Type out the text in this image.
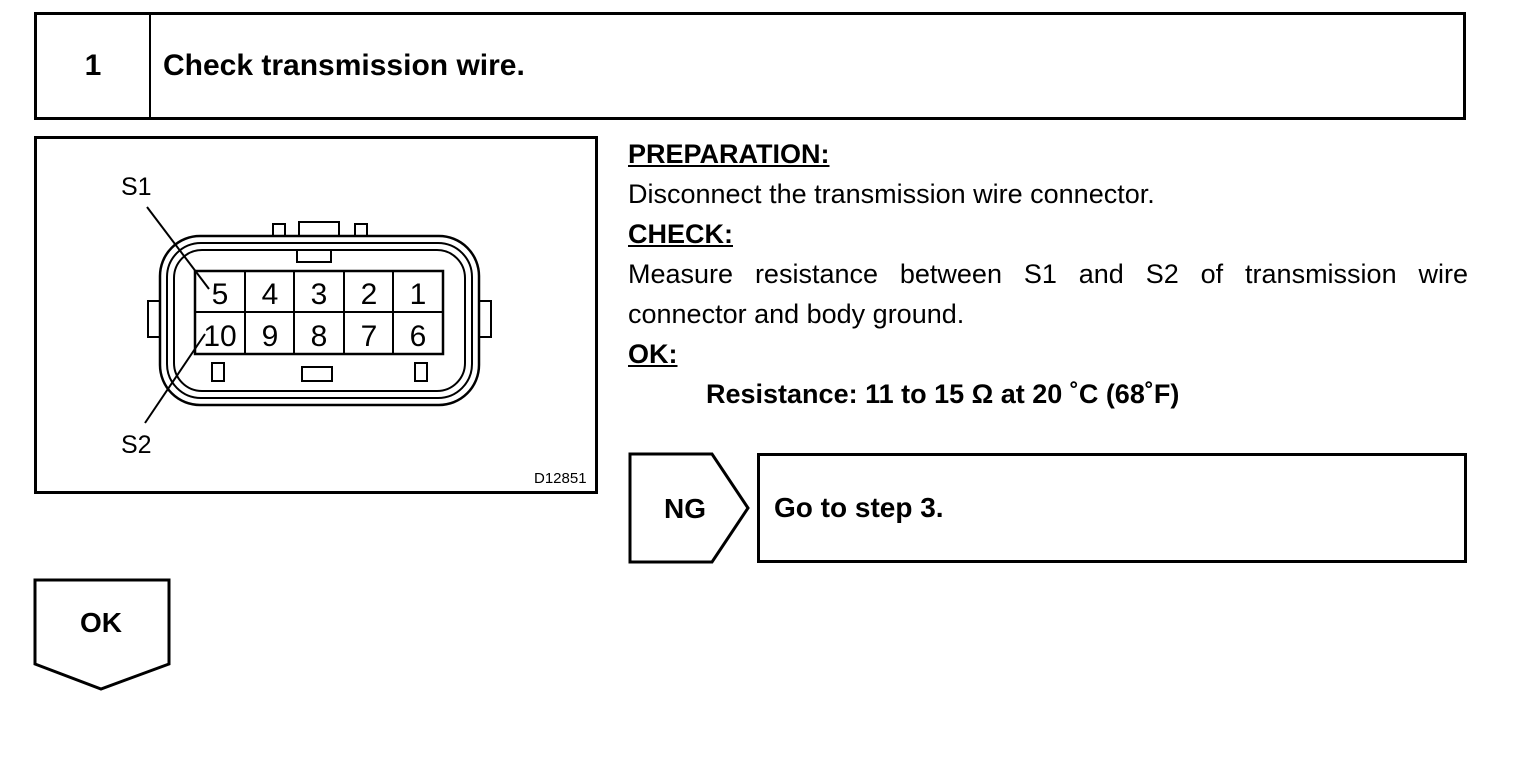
1	Check transmission wire.
5 4 3 2 1
10 9 8 7 6
S1
S2
D12851
PREPARATION:
Disconnect the transmission wire connector.
CHECK:
Measure resistance between S1 and S2 of transmission wire connector and body ground.
OK:
Resistance: 11 to 15 Ω at 20 ˚C (68˚F)
NG Go to step 3.
OK
